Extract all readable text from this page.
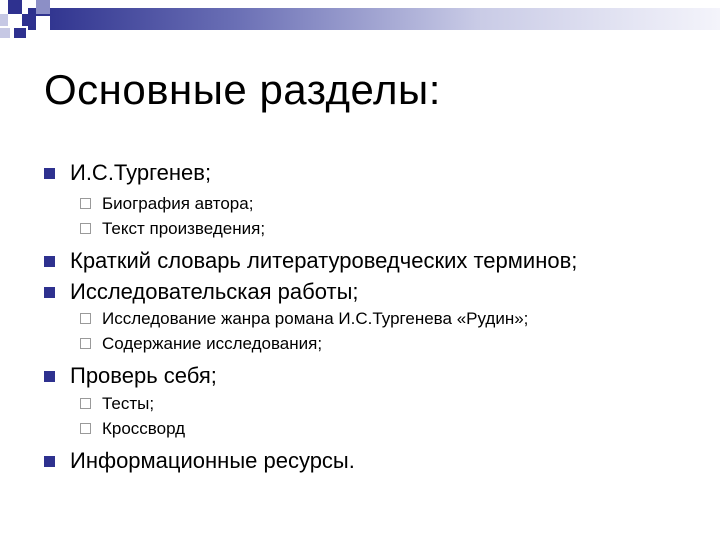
Основные разделы:
И.С.Тургенев;
Биография автора;
Текст произведения;
Краткий словарь литературоведческих терминов;
Исследовательская работы;
Исследование жанра романа И.С.Тургенева «Рудин»;
Содержание исследования;
Проверь себя;
Тесты;
Кроссворд
Информационные ресурсы.
